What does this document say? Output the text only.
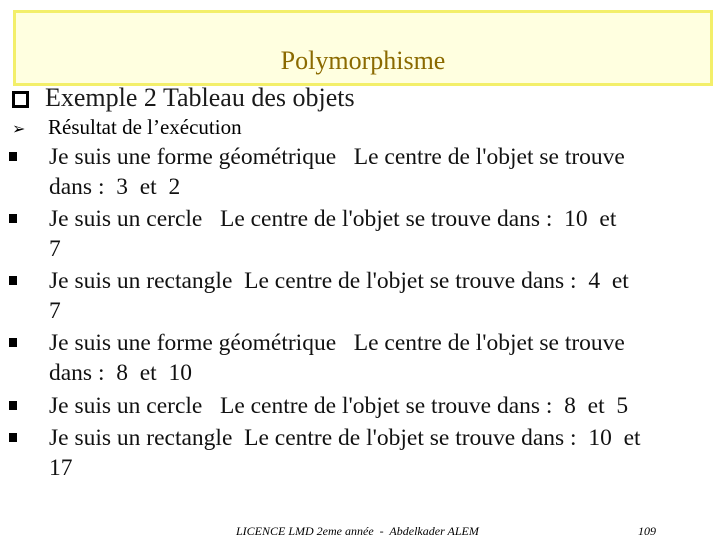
Polymorphisme
Exemple 2 Tableau des objets
➢ Résultat de l’exécution
Je suis une forme géométrique   Le centre de l'objet se trouve
dans :  3  et  2
Je suis un cercle   Le centre de l'objet se trouve dans :  10  et
7
Je suis un rectangle  Le centre de l'objet se trouve dans :  4  et
7
Je suis une forme géométrique   Le centre de l'objet se trouve
dans :  8  et  10
Je suis un cercle   Le centre de l'objet se trouve dans :  8  et  5
Je suis un rectangle  Le centre de l'objet se trouve dans :  10  et
17
LICENCE LMD 2eme année  -  Abdelkader ALEM	109
